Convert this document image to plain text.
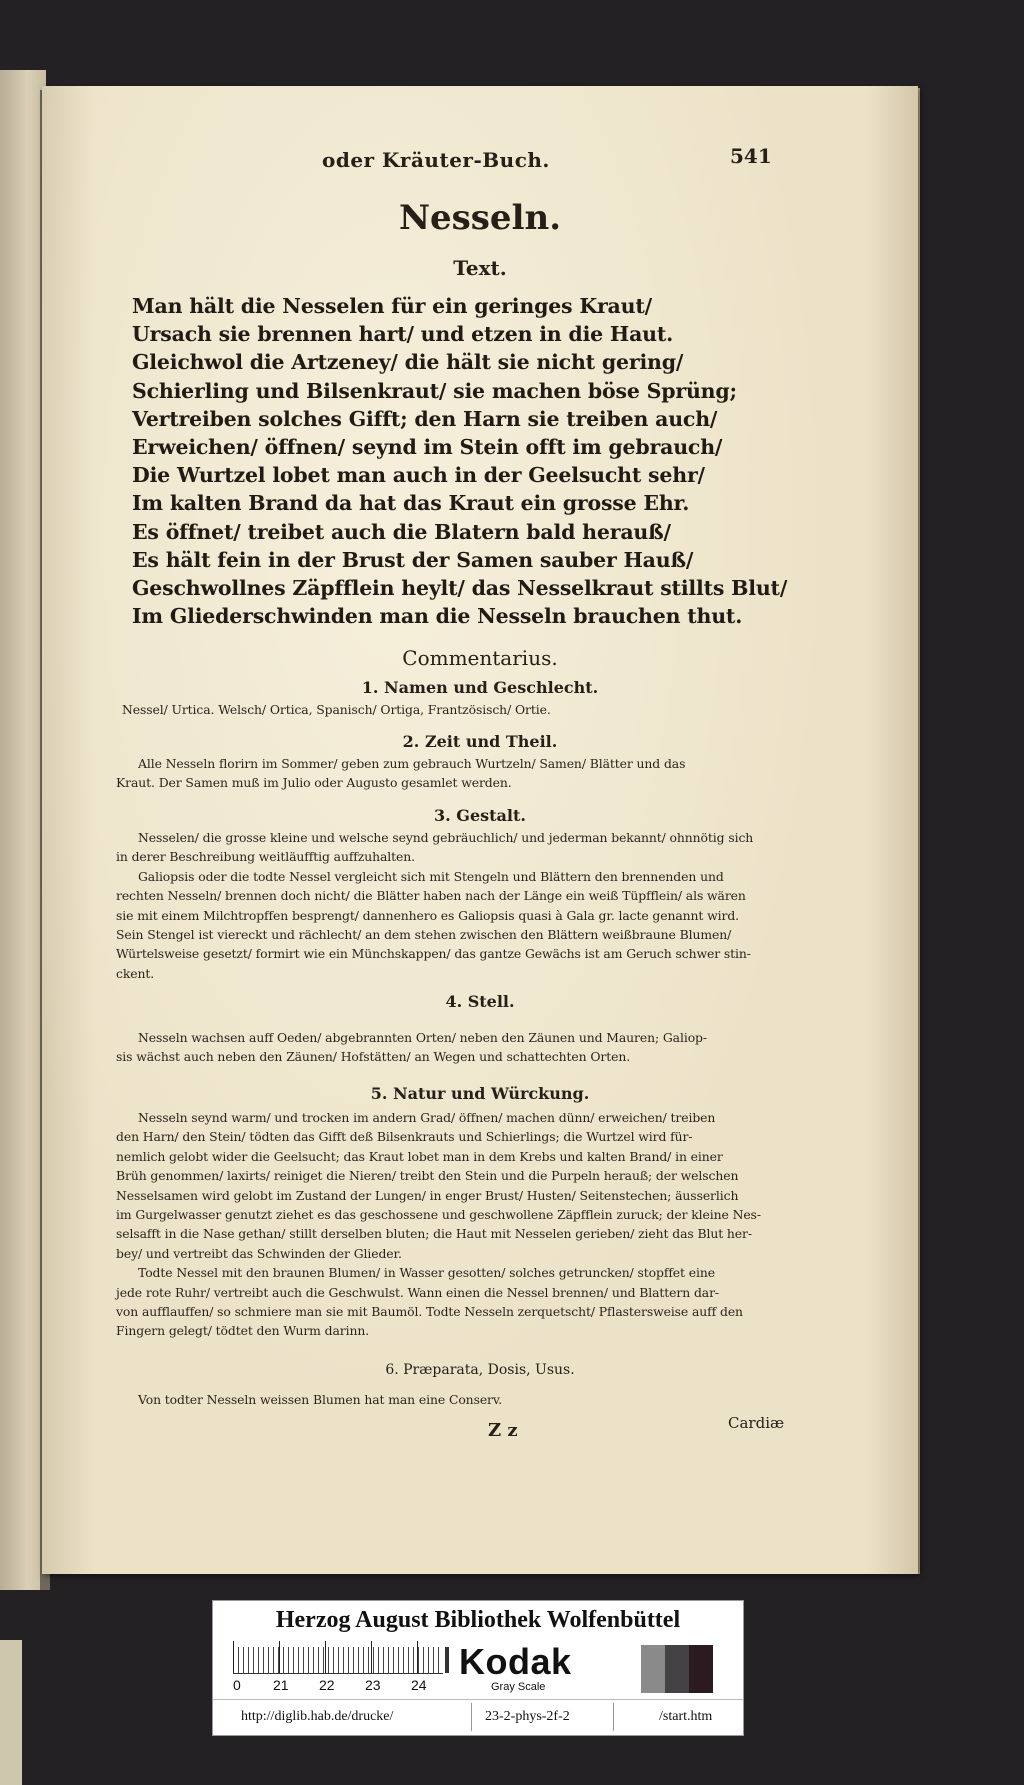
oder Kräuter-Buch.	541
Nesseln.
Text.
Man hält die Nesselen für ein geringes Kraut/
Ursach sie brennen hart/ und etzen in die Haut.
Gleichwol die Artzeney/ die hält sie nicht gering/
Schierling und Bilsenkraut/ sie machen böse Sprüng;
Vertreiben solches Gifft; den Harn sie treiben auch/
Erweichen/ öffnen/ seynd im Stein offt im gebrauch/
Die Wurtzel lobet man auch in der Geelsucht sehr/
Im kalten Brand da hat das Kraut ein grosse Ehr.
Es öffnet/ treibet auch die Blatern bald herauß/
Es hält fein in der Brust der Samen sauber Hauß/
Geschwollnes Zäpfflein heylt/ das Nesselkraut stillts Blut/
Im Gliederschwinden man die Nesseln brauchen thut.
Commentarius.
1. Namen und Geschlecht.
Nessel/ Urtica. Welsch/ Ortica, Spanisch/ Ortiga, Frantzösisch/ Ortie.
2. Zeit und Theil.
Alle Nesseln florirn im Sommer/ geben zum gebrauch Wurtzeln/ Samen/ Blätter und das
Kraut. Der Samen muß im Julio oder Augusto gesamlet werden.
3. Gestalt.
Nesselen/ die grosse kleine und welsche seynd gebräuchlich/ und jederman bekannt/ ohnnötig sich
in derer Beschreibung weitläufftig auffzuhalten.
Galiopsis oder die todte Nessel vergleicht sich mit Stengeln und Blättern den brennenden und
rechten Nesseln/ brennen doch nicht/ die Blätter haben nach der Länge ein weiß Tüpfflein/ als wären
sie mit einem Milchtropffen besprengt/ dannenhero es Galiopsis quasi à Gala gr. lacte genannt wird.
Sein Stengel ist viereckt und rächlecht/ an dem stehen zwischen den Blättern weißbraune Blumen/
Würtelsweise gesetzt/ formirt wie ein Münchskappen/ das gantze Gewächs ist am Geruch schwer stin-
ckent.
4. Stell.
Nesseln wachsen auff Oeden/ abgebrannten Orten/ neben den Zäunen und Mauren; Galiop-
sis wächst auch neben den Zäunen/ Hofstätten/ an Wegen und schattechten Orten.
5. Natur und Würckung.
Nesseln seynd warm/ und trocken im andern Grad/ öffnen/ machen dünn/ erweichen/ treiben
den Harn/ den Stein/ tödten das Gifft deß Bilsenkrauts und Schierlings; die Wurtzel wird für-
nemlich gelobt wider die Geelsucht; das Kraut lobet man in dem Krebs und kalten Brand/ in einer
Brüh genommen/ laxirts/ reiniget die Nieren/ treibt den Stein und die Purpeln herauß; der welschen
Nesselsamen wird gelobt im Zustand der Lungen/ in enger Brust/ Husten/ Seitenstechen; äusserlich
im Gurgelwasser genutzt ziehet es das geschossene und geschwollene Zäpfflein zuruck; der kleine Nes-
selsafft in die Nase gethan/ stillt derselben bluten; die Haut mit Nesselen gerieben/ zieht das Blut her-
bey/ und vertreibt das Schwinden der Glieder.
Todte Nessel mit den braunen Blumen/ in Wasser gesotten/ solches getruncken/ stopffet eine
jede rote Ruhr/ vertreibt auch die Geschwulst. Wann einen die Nessel brennen/ und Blattern dar-
von aufflauffen/ so schmiere man sie mit Baumöl. Todte Nesseln zerquetscht/ Pflastersweise auff den
Fingern gelegt/ tödtet den Wurm darinn.
6. Præparata, Dosis, Usus.
Von todter Nesseln weissen Blumen hat man eine Conserv.
Z z	Cardiæ
Herzog August Bibliothek Wolfenbüttel
0 21 22 23 24
Kodak
Gray Scale
http://diglib.hab.de/drucke/	23-2-phys-2f-2	/start.htm
